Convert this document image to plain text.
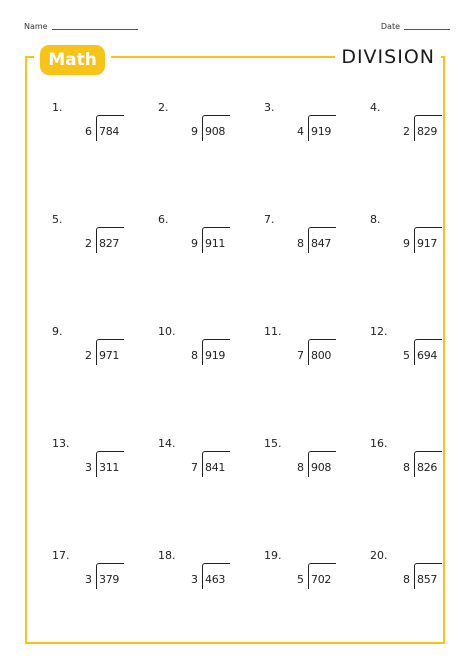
Name	Date
Math	DIVISION
1.
6 784
2.
9 908
3.
4 919
4.
2 829
5.
2 827
6.
9 911
7.
8 847
8.
9 917
9.
2 971
10.
8 919
11.
7 800
12.
5 694
13.
3 311
14.
7 841
15.
8 908
16.
8 826
17.
3 379
18.
3 463
19.
5 702
20.
8 857
